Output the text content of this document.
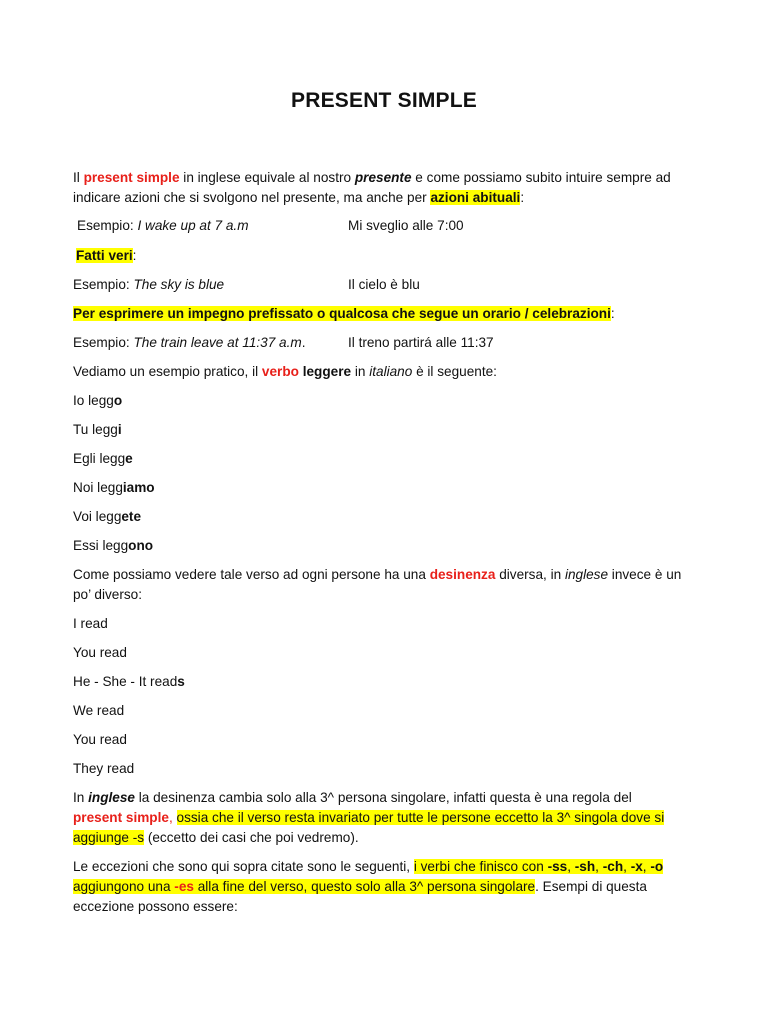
PRESENT SIMPLE

Il present simple in inglese equivale al nostro presente e come possiamo subito intuire sempre ad

indicare azioni che si svolgono nel presente, ma anche per azioni abituali:

Esempio: I wake up at 7 a.m	Mi sveglio alle 7:00

Fatti veri:

Esempio: The sky is blue	Il cielo è blu

Per esprimere un impegno prefissato o qualcosa che segue un orario / celebrazioni:

Esempio: The train leave at 11:37 a.m.	Il treno partirá alle 11:37

Vediamo un esempio pratico, il verbo leggere in italiano è il seguente:

Io leggo

Tu leggi

Egli legge

Noi leggiamo

Voi leggete

Essi leggono

Come possiamo vedere tale verso ad ogni persone ha una desinenza diversa, in inglese invece è un

po’ diverso:

I read

You read

He - She - It reads

We read

You read

They read

In inglese la desinenza cambia solo alla 3^ persona singolare, infatti questa è una regola del

present simple, ossia che il verso resta invariato per tutte le persone eccetto la 3^ singola dove si

aggiunge -s (eccetto dei casi che poi vedremo).

Le eccezioni che sono qui sopra citate sono le seguenti, i verbi che finisco con -ss, -sh, -ch, -x, -o

aggiungono una -es alla fine del verso, questo solo alla 3^ persona singolare. Esempi di questa

eccezione possono essere:
